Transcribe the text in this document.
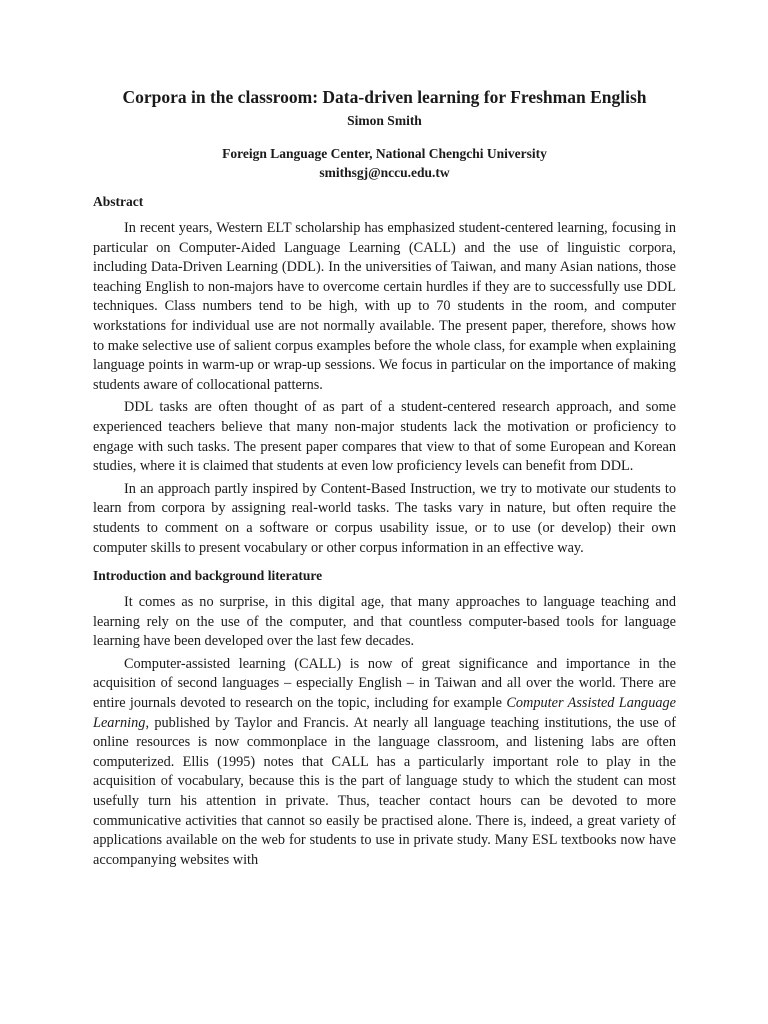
Corpora in the classroom: Data-driven learning for Freshman English
Simon Smith
Foreign Language Center, National Chengchi University
smithsgj@nccu.edu.tw
Abstract

In recent years, Western ELT scholarship has emphasized student-centered learning, focusing in particular on Computer-Aided Language Learning (CALL) and the use of linguistic corpora, including Data-Driven Learning (DDL). In the universities of Taiwan, and many Asian nations, those teaching English to non-majors have to overcome certain hurdles if they are to successfully use DDL techniques. Class numbers tend to be high, with up to 70 students in the room, and computer workstations for individual use are not normally available. The present paper, therefore, shows how to make selective use of salient corpus examples before the whole class, for example when explaining language points in warm-up or wrap-up sessions. We focus in particular on the importance of making students aware of collocational patterns.

DDL tasks are often thought of as part of a student-centered research approach, and some experienced teachers believe that many non-major students lack the motivation or proficiency to engage with such tasks. The present paper compares that view to that of some European and Korean studies, where it is claimed that students at even low proficiency levels can benefit from DDL.

In an approach partly inspired by Content-Based Instruction, we try to motivate our students to learn from corpora by assigning real-world tasks. The tasks vary in nature, but often require the students to comment on a software or corpus usability issue, or to use (or develop) their own computer skills to present vocabulary or other corpus information in an effective way.

Introduction and background literature

It comes as no surprise, in this digital age, that many approaches to language teaching and learning rely on the use of the computer, and that countless computer-based tools for language learning have been developed over the last few decades.

Computer-assisted learning (CALL) is now of great significance and importance in the acquisition of second languages – especially English – in Taiwan and all over the world. There are entire journals devoted to research on the topic, including for example Computer Assisted Language Learning, published by Taylor and Francis. At nearly all language teaching institutions, the use of online resources is now commonplace in the language classroom, and listening labs are often computerized. Ellis (1995) notes that CALL has a particularly important role to play in the acquisition of vocabulary, because this is the part of language study to which the student can most usefully turn his attention in private. Thus, teacher contact hours can be devoted to more communicative activities that cannot so easily be practised alone. There is, indeed, a great variety of applications available on the web for students to use in private study. Many ESL textbooks now have accompanying websites with
